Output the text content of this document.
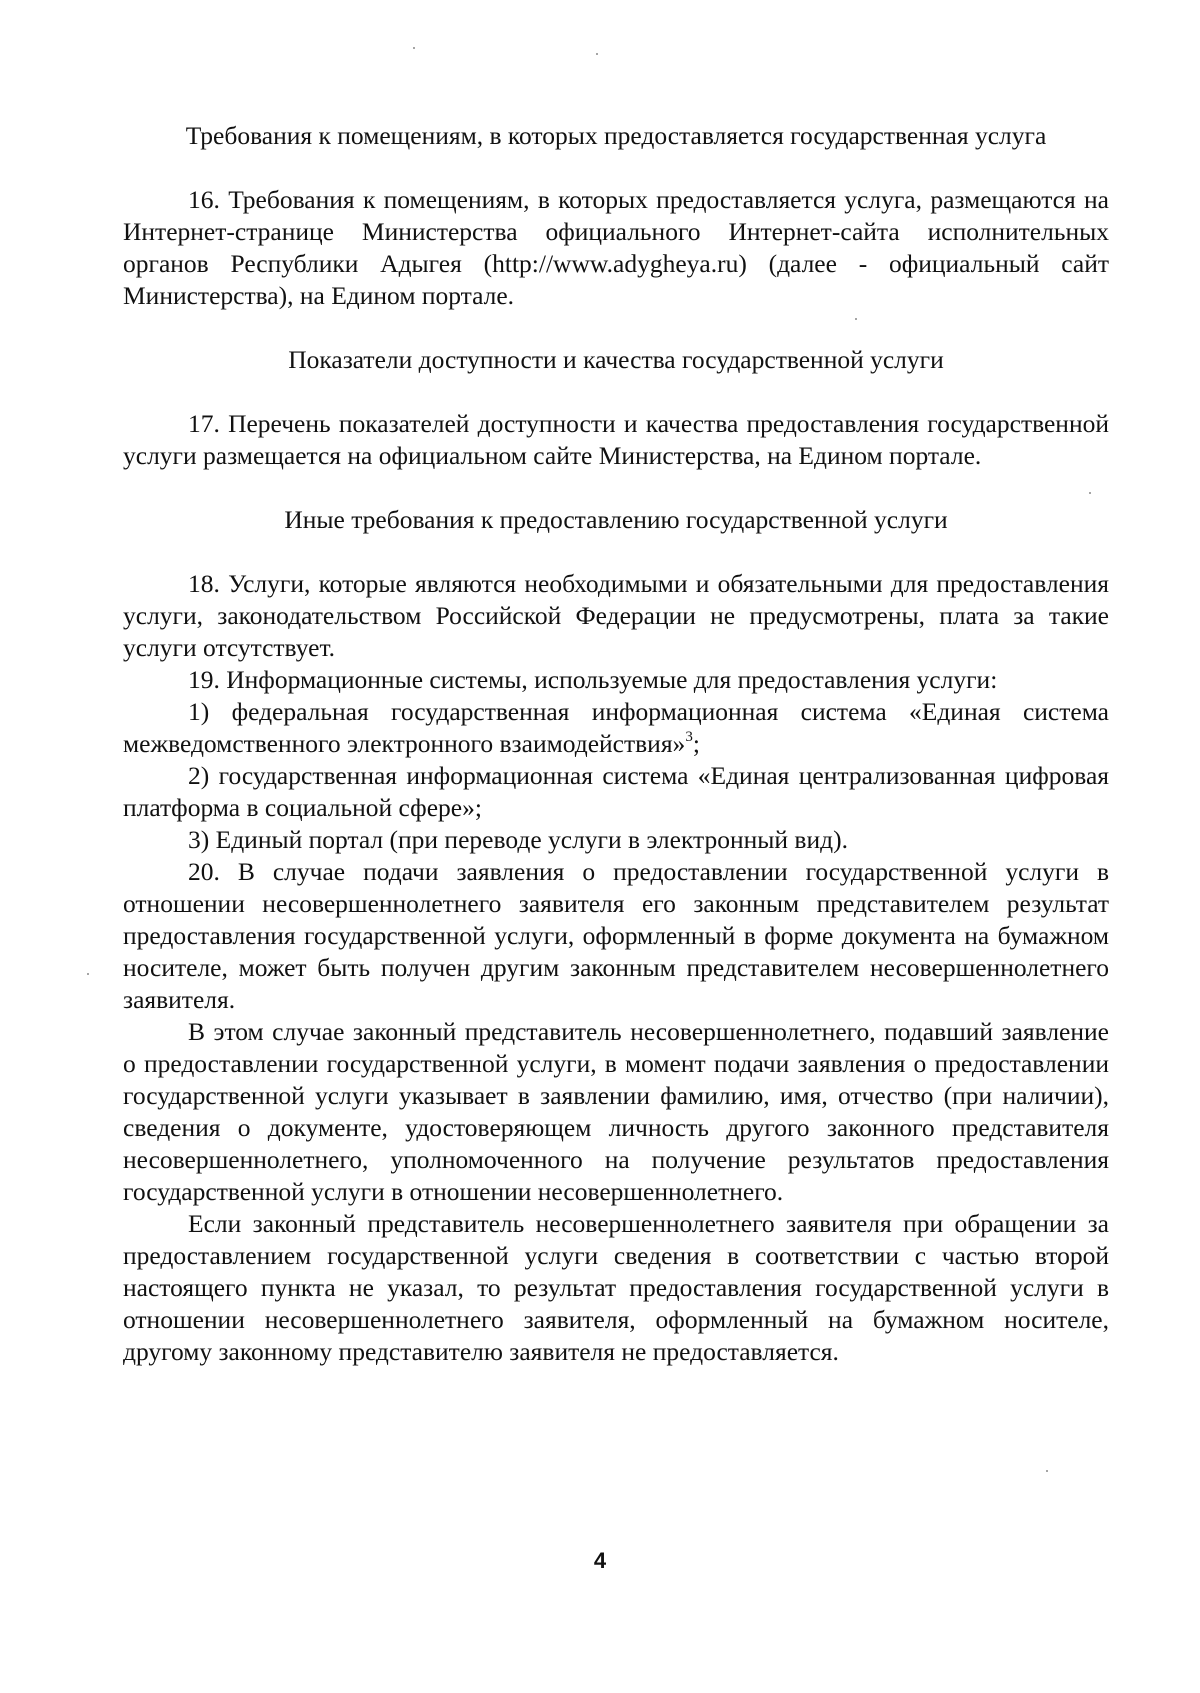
Требования к помещениям, в которых предоставляется государственная услуга

16. Требования к помещениям, в которых предоставляется услуга, размещаются на Интернет-странице Министерства официального Интернет-сайта исполнительных органов Республики Адыгея (http://www.adygheya.ru) (далее - официальный сайт Министерства), на Едином портале.

Показатели доступности и качества государственной услуги

17. Перечень показателей доступности и качества предоставления государственной услуги размещается на официальном сайте Министерства, на Едином портале.

Иные требования к предоставлению государственной услуги

18. Услуги, которые являются необходимыми и обязательными для предоставления услуги, законодательством Российской Федерации не предусмотрены, плата за такие услуги отсутствует.

19. Информационные системы, используемые для предоставления услуги:

1) федеральная государственная информационная система «Единая система межведомственного электронного взаимодействия»$^3$;

2) государственная информационная система «Единая централизованная цифровая платформа в социальной сфере»;

3) Единый портал (при переводе услуги в электронный вид).

20. В случае подачи заявления о предоставлении государственной услуги в отношении несовершеннолетнего заявителя его законным представителем результат предоставления государственной услуги, оформленный в форме документа на бумажном носителе, может быть получен другим законным представителем несовершеннолетнего заявителя.

В этом случае законный представитель несовершеннолетнего, подавший заявление о предоставлении государственной услуги, в момент подачи заявления о предоставлении государственной услуги указывает в заявлении фамилию, имя, отчество (при наличии), сведения о документе, удостоверяющем личность другого законного представителя несовершеннолетнего, уполномоченного на получение результатов предоставления государственной услуги в отношении несовершеннолетнего.

Если законный представитель несовершеннолетнего заявителя при обращении за предоставлением государственной услуги сведения в соответствии с частью второй настоящего пункта не указал, то результат предоставления государственной услуги в отношении несовершеннолетнего заявителя, оформленный на бумажном носителе, другому законному представителю заявителя не предоставляется.

4
